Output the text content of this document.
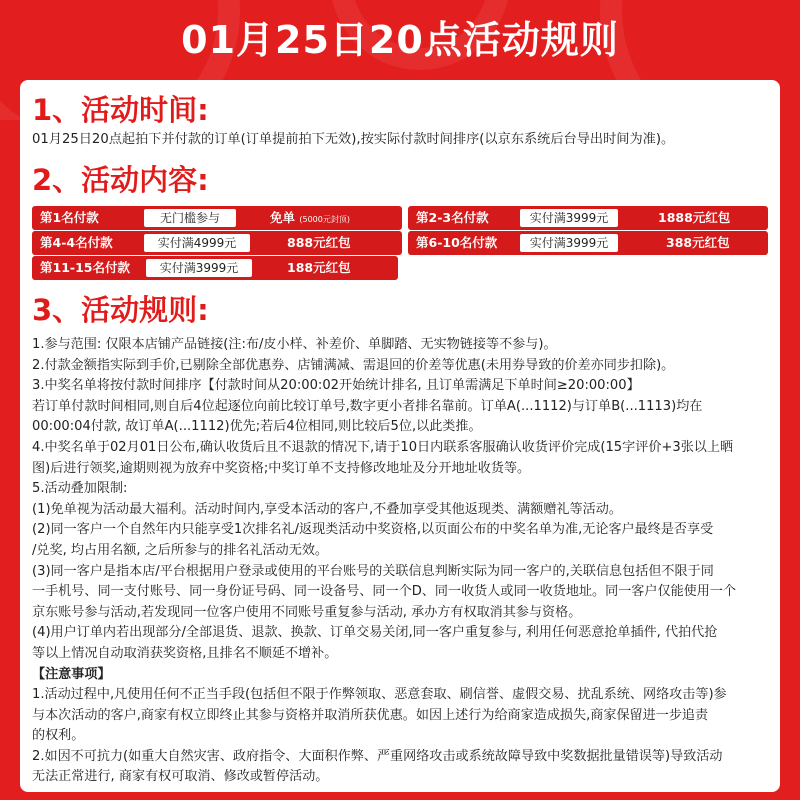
01月25日20点活动规则
1、活动时间:
01月25日20点起拍下并付款的订单(订单提前拍下无效),按实际付款时间排序(以京东系统后台导出时间为准)。
2、活动内容:
第1名付款	无门槛参与	免单 (5000元封顶)	第2-3名付款	实付满3999元	1888元红包
第4-4名付款	实付满4999元	888元红包	第6-10名付款	实付满3999元	388元红包
第11-15名付款	实付满3999元	188元红包
3、活动规则:
1.参与范围: 仅限本店铺产品链接(注:布/皮小样、补差价、单脚踏、无实物链接等不参与)。
2.付款金额指实际到手价,已剔除全部优惠券、店铺满减、需退回的价差等优惠(未用券导致的价差亦同步扣除)。
3.中奖名单将按付款时间排序【付款时间从20:00:02开始统计排名, 且订单需满足下单时间≥20:00:00】
若订单付款时间相同,则自后4位起逐位向前比较订单号,数字更小者排名靠前。订单A(...1112)与订单B(...1113)均在
00:00:04付款, 故订单A(...1112)优先;若后4位相同,则比较后5位,以此类推。
4.中奖名单于02月01日公布,确认收货后且不退款的情况下,请于10日内联系客服确认收货评价完成(15字评价+3张以上晒
图)后进行领奖,逾期则视为放弃中奖资格;中奖订单不支持修改地址及分开地址收货等。
5.活动叠加限制:
(1)免单视为活动最大福利。活动时间内,享受本活动的客户,不叠加享受其他返现类、满额赠礼等活动。
(2)同一客户一个自然年内只能享受1次排名礼/返现类活动中奖资格,以页面公布的中奖名单为准,无论客户最终是否享受
/兑奖, 均占用名额, 之后所参与的排名礼活动无效。
(3)同一客户是指本店/平台根据用户登录或使用的平台账号的关联信息判断实际为同一客户的,关联信息包括但不限于同
一手机号、同一支付账号、同一身份证号码、同一设备号、同一个D、同一收货人或同一收货地址。同一客户仅能使用一个
京东账号参与活动,若发现同一位客户使用不同账号重复参与活动, 承办方有权取消其参与资格。
(4)用户订单内若出现部分/全部退货、退款、换款、订单交易关闭,同一客户重复参与, 利用任何恶意抢单插件, 代拍代抢
等以上情况自动取消获奖资格,且排名不顺延不增补。
【注意事项】
1.活动过程中,凡使用任何不正当手段(包括但不限于作弊领取、恶意套取、刷信誉、虚假交易、扰乱系统、网络攻击等)参
与本次活动的客户,商家有权立即终止其参与资格并取消所获优惠。如因上述行为给商家造成损失,商家保留进一步追责
的权利。
2.如因不可抗力(如重大自然灾害、政府指令、大面积作弊、严重网络攻击或系统故障导致中奖数据批量错误等)导致活动
无法正常进行, 商家有权可取消、修改或暂停活动。
